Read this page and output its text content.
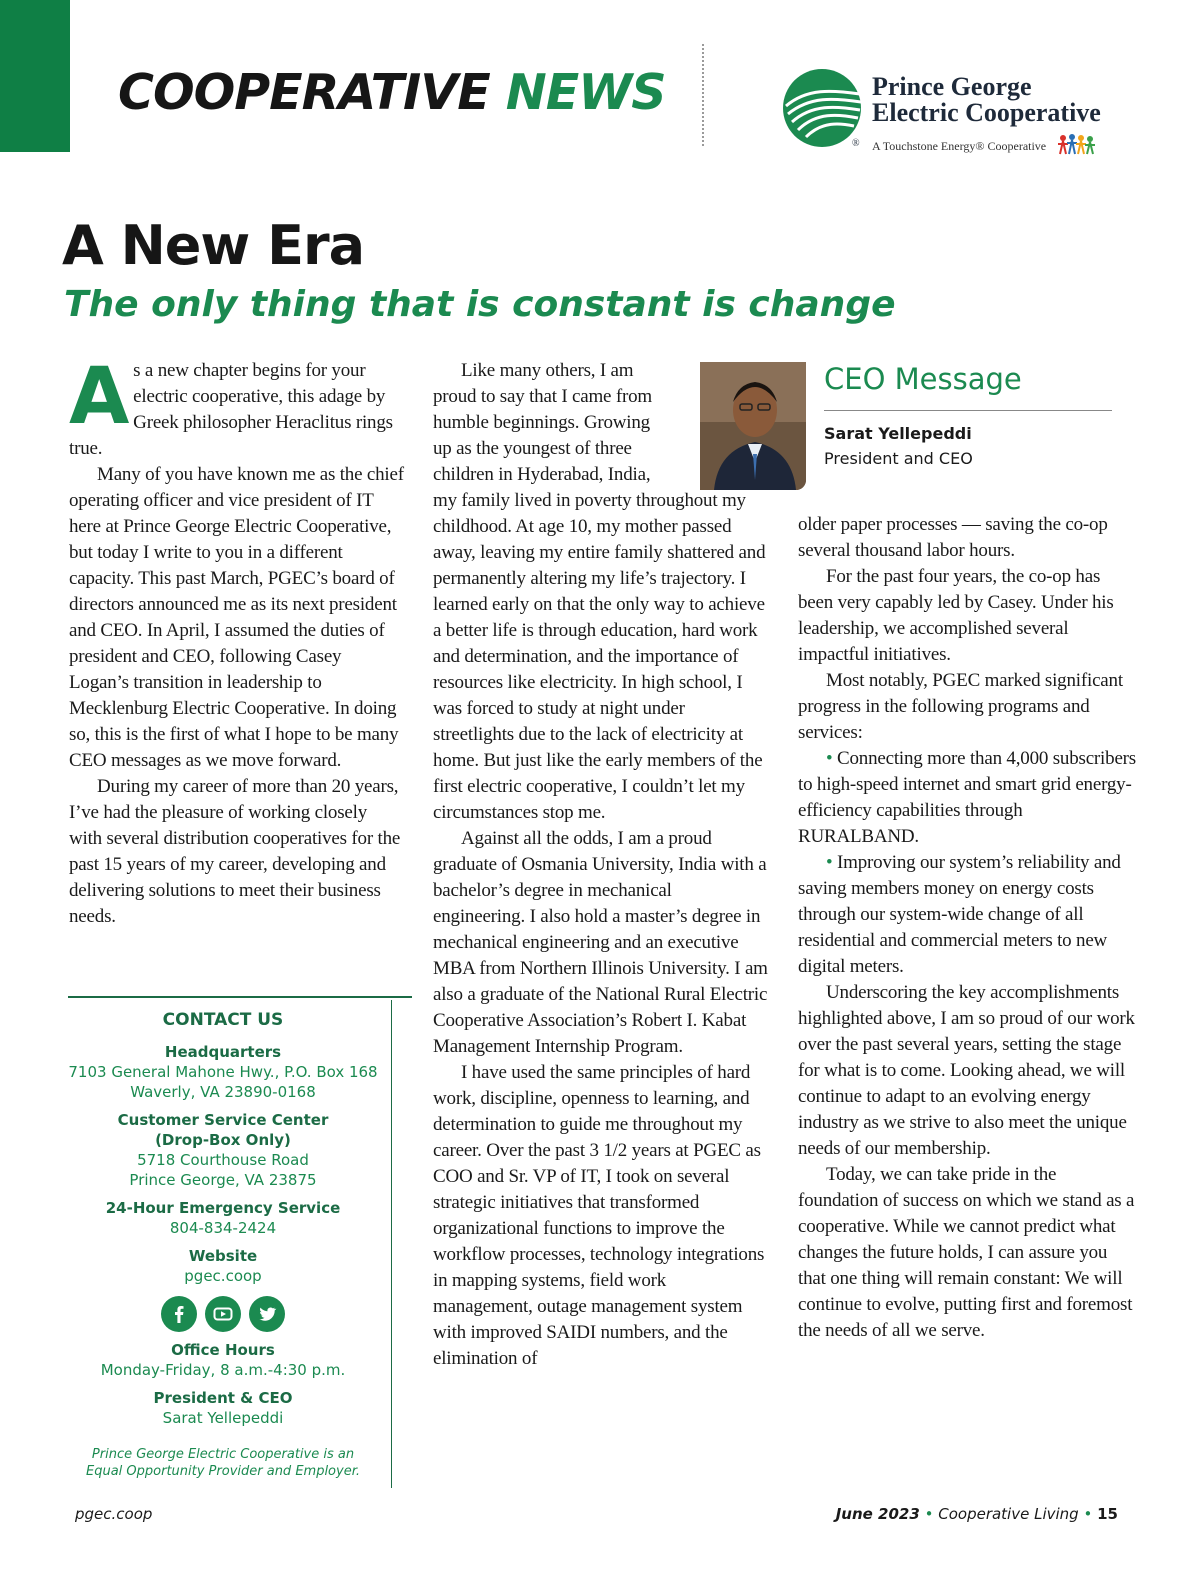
COOPERATIVE NEWS
®
Prince George
Electric Cooperative
A Touchstone Energy® Cooperative
A New Era
The only thing that is constant is change

As a new chapter begins for your electric cooperative, this adage by Greek philosopher Heraclitus rings true.

Many of you have known me as the chief operating officer and vice president of IT here at Prince George Electric Cooperative, but today I write to you in a different capacity. This past March, PGEC’s board of directors announced me as its next president and CEO. In April, I assumed the duties of president and CEO, following Casey Logan’s transition in leadership to Mecklenburg Electric Cooperative. In doing so, this is the first of what I hope to be many CEO messages as we move forward.

During my career of more than 20 years, I’ve had the pleasure of working closely with several distribution cooperatives for the past 15 years of my career, developing and delivering solutions to meet their business needs.

Like many others, I am proud to say that I came from humble beginnings. Growing up as the youngest of three children in Hyderabad, India, my family lived in poverty throughout my childhood. At age 10, my mother passed away, leaving my entire family shattered and permanently altering my life’s trajectory. I learned early on that the only way to achieve a better life is through education, hard work and determination, and the importance of resources like electricity. In high school, I was forced to study at night under streetlights due to the lack of electricity at home. But just like the early members of the first electric cooperative, I couldn’t let my circumstances stop me.

Against all the odds, I am a proud graduate of Osmania University, India with a bachelor’s degree in mechanical engineering. I also hold a master’s degree in mechanical engineering and an executive MBA from Northern Illinois University. I am also a graduate of the National Rural Electric Cooperative Association’s Robert I. Kabat Management Internship Program.

I have used the same principles of hard work, discipline, openness to learning, and determination to guide me throughout my career. Over the past 3 1/2 years at PGEC as COO and Sr. VP of IT, I took on several strategic initiatives that transformed organizational functions to improve the workflow processes, technology integrations in mapping systems, field work management, outage management system with improved SAIDI numbers, and the elimination of

CEO Message
Sarat Yellepeddi
President and CEO

older paper processes — saving the co-op several thousand labor hours.

For the past four years, the co-op has been very capably led by Casey. Under his leadership, we accomplished several impactful initiatives.

Most notably, PGEC marked significant progress in the following programs and services:

• Connecting more than 4,000 subscribers to high-speed internet and smart grid energy-efficiency capabilities through RURALBAND.

• Improving our system’s reliability and saving members money on energy costs through our system-wide change of all residential and commercial meters to new digital meters.

Underscoring the key accomplishments highlighted above, I am so proud of our work over the past several years, setting the stage for what is to come. Looking ahead, we will continue to adapt to an evolving energy industry as we strive to also meet the unique needs of our membership.

Today, we can take pride in the foundation of success on which we stand as a cooperative. While we cannot predict what changes the future holds, I can assure you that one thing will remain constant: We will continue to evolve, putting first and foremost the needs of all we serve.

CONTACT US
Headquarters
7103 General Mahone Hwy., P.O. Box 168
Waverly, VA 23890-0168
Customer Service Center
(Drop-Box Only)
5718 Courthouse Road
Prince George, VA 23875
24-Hour Emergency Service
804-834-2424
Website
pgec.coop
Office Hours
Monday-Friday, 8 a.m.-4:30 p.m.
President & CEO
Sarat Yellepeddi
Prince George Electric Cooperative is an
Equal Opportunity Provider and Employer.
pgec.coop	June 2023 • Cooperative Living • 15
